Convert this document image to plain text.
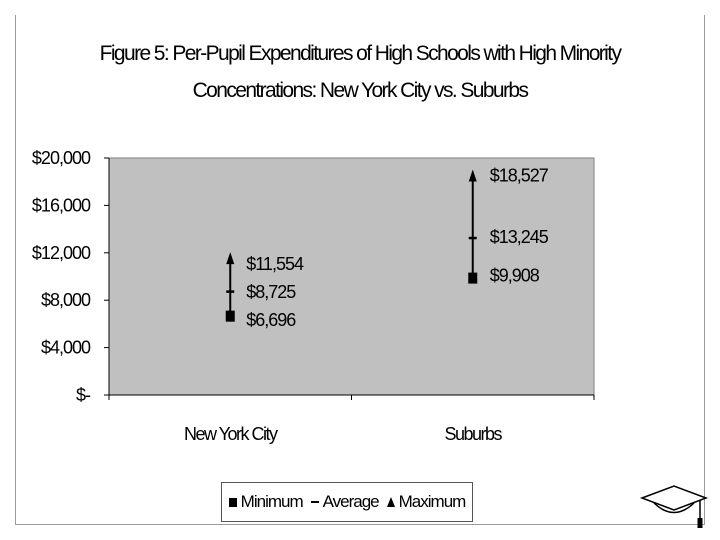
Figure 5: Per-Pupil Expenditures of High Schools with High Minority
Concentrations: New York City vs. Suburbs
$-
$4,000
$8,000
$12,000
$16,000
$20,000
New York City	Suburbs
$11,554
$8,725
$6,696
$18,527
$13,245
$9,908
Minimum Average Maximum
